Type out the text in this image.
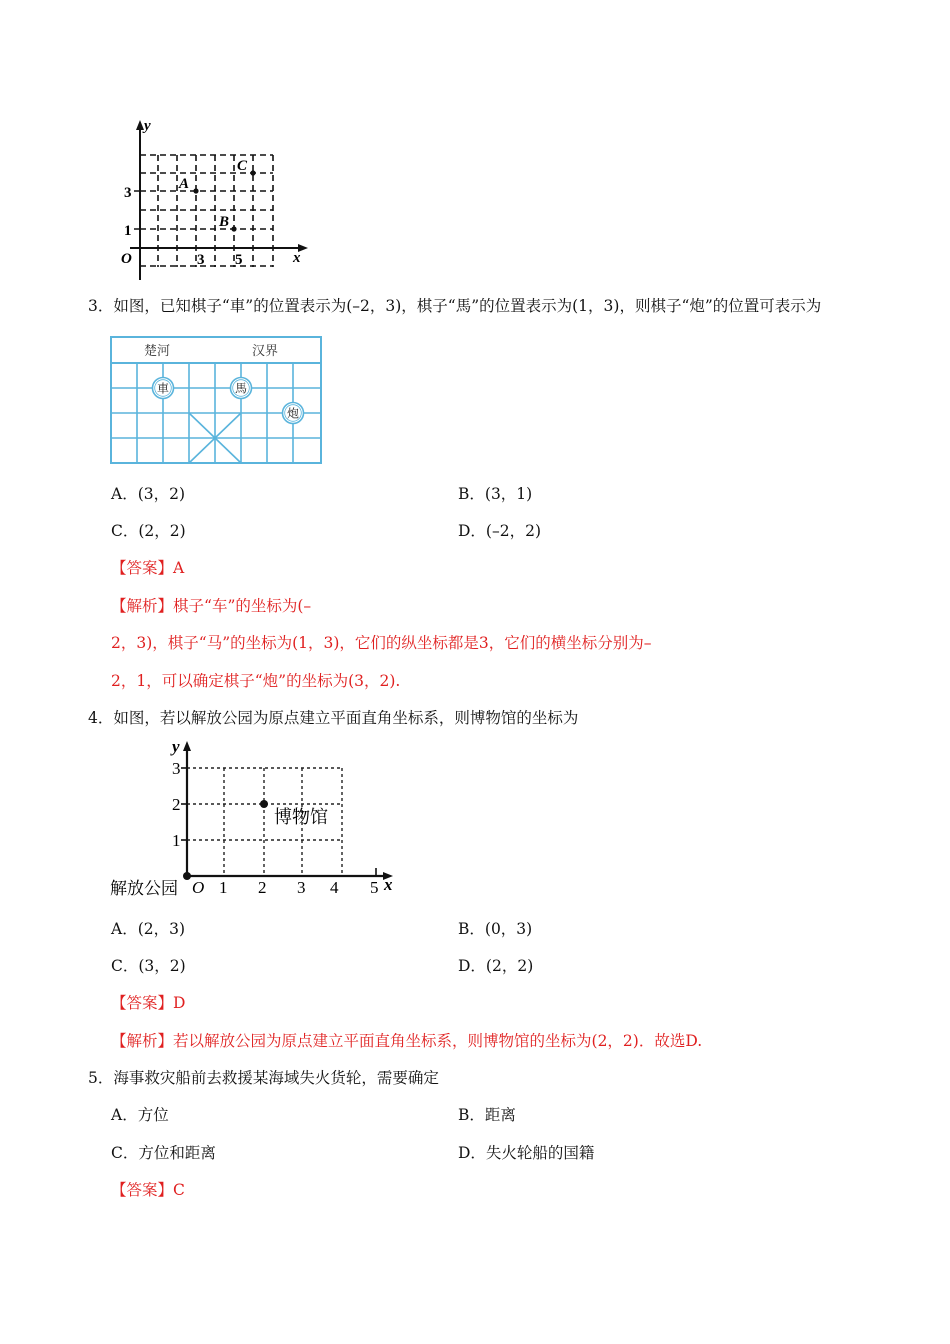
y
x
O
3
1
3 5
A
B
C
3．如图，已知棋子“車”的位置表示为(–2，3)，棋子“馬”的位置表示为(1，3)，则棋子“炮”的位置可表示为
楚河	汉界
車	馬
炮
A．(3，2)	B．(3，1)
C．(2，2)	D．(–2，2)
【答案】A
【解析】棋子“车”的坐标为(–
2，3)，棋子“马”的坐标为(1，3)，它们的纵坐标都是3，它们的横坐标分别为–
2，1，可以确定棋子“炮”的坐标为(3，2).
4．如图，若以解放公园为原点建立平面直角坐标系，则博物馆的坐标为
y
3
2
1
O 1 2 3 4 5 x
博物馆
解放公园
A．(2，3)	B．(0，3)
C．(3，2)	D．(2，2)
【答案】D
【解析】若以解放公园为原点建立平面直角坐标系，则博物馆的坐标为(2，2)．故选D.
5．海事救灾船前去救援某海域失火货轮，需要确定
A．方位	B．距离
C．方位和距离	D．失火轮船的国籍
【答案】C
